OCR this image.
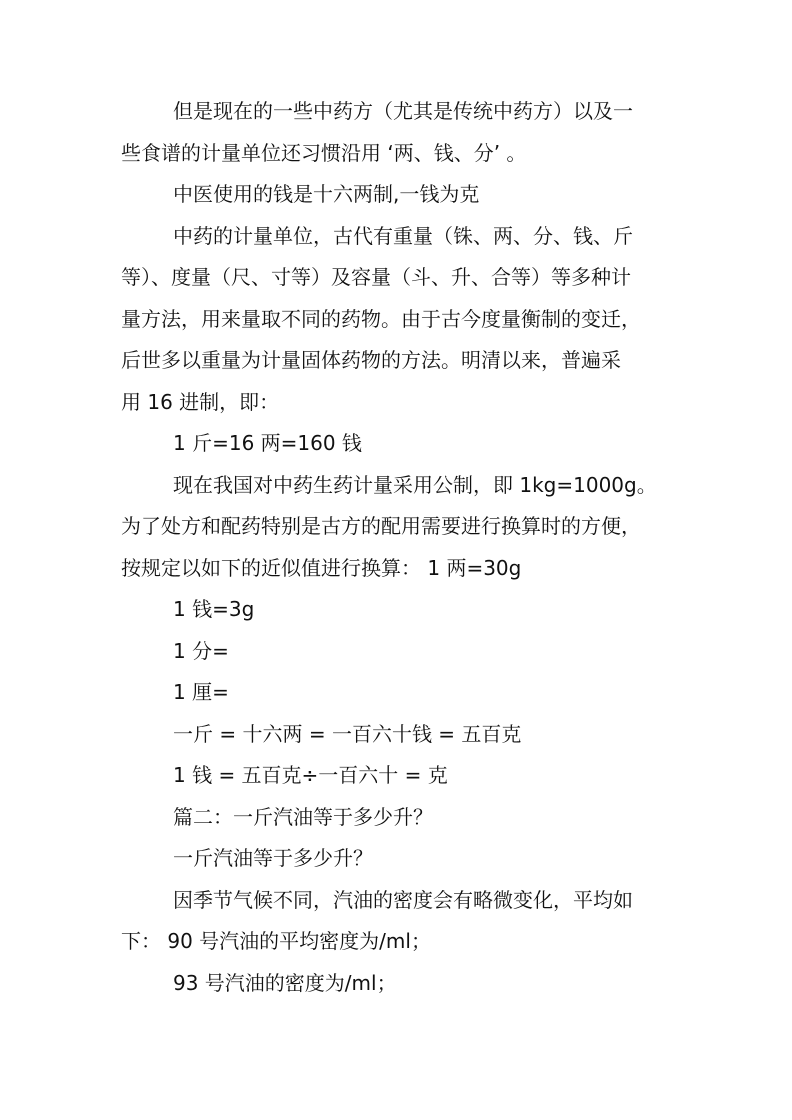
但是现在的一些中药方（尤其是传统中药方）以及一
些食谱的计量单位还习惯沿用 ‘两、钱、分’ 。
中医使用的钱是十六两制,一钱为克
中药的计量单位，古代有重量（铢、两、分、钱、斤
等）、度量（尺、寸等）及容量（斗、升、合等）等多种计
量方法，用来量取不同的药物。由于古今度量衡制的变迁，
后世多以重量为计量固体药物的方法。明清以来，普遍采
用 16 进制，即：
1 斤=16 两=160 钱
现在我国对中药生药计量采用公制，即 1kg=1000g。
为了处方和配药特别是古方的配用需要进行换算时的方便，
按规定以如下的近似值进行换算： 1 两=30g
1 钱=3g
1 分=
1 厘=
一斤 = 十六两 = 一百六十钱 = 五百克
1 钱 = 五百克÷一百六十 = 克
篇二：一斤汽油等于多少升？
一斤汽油等于多少升？
因季节气候不同，汽油的密度会有略微变化，平均如
下： 90 号汽油的平均密度为/ml；
93 号汽油的密度为/ml；
